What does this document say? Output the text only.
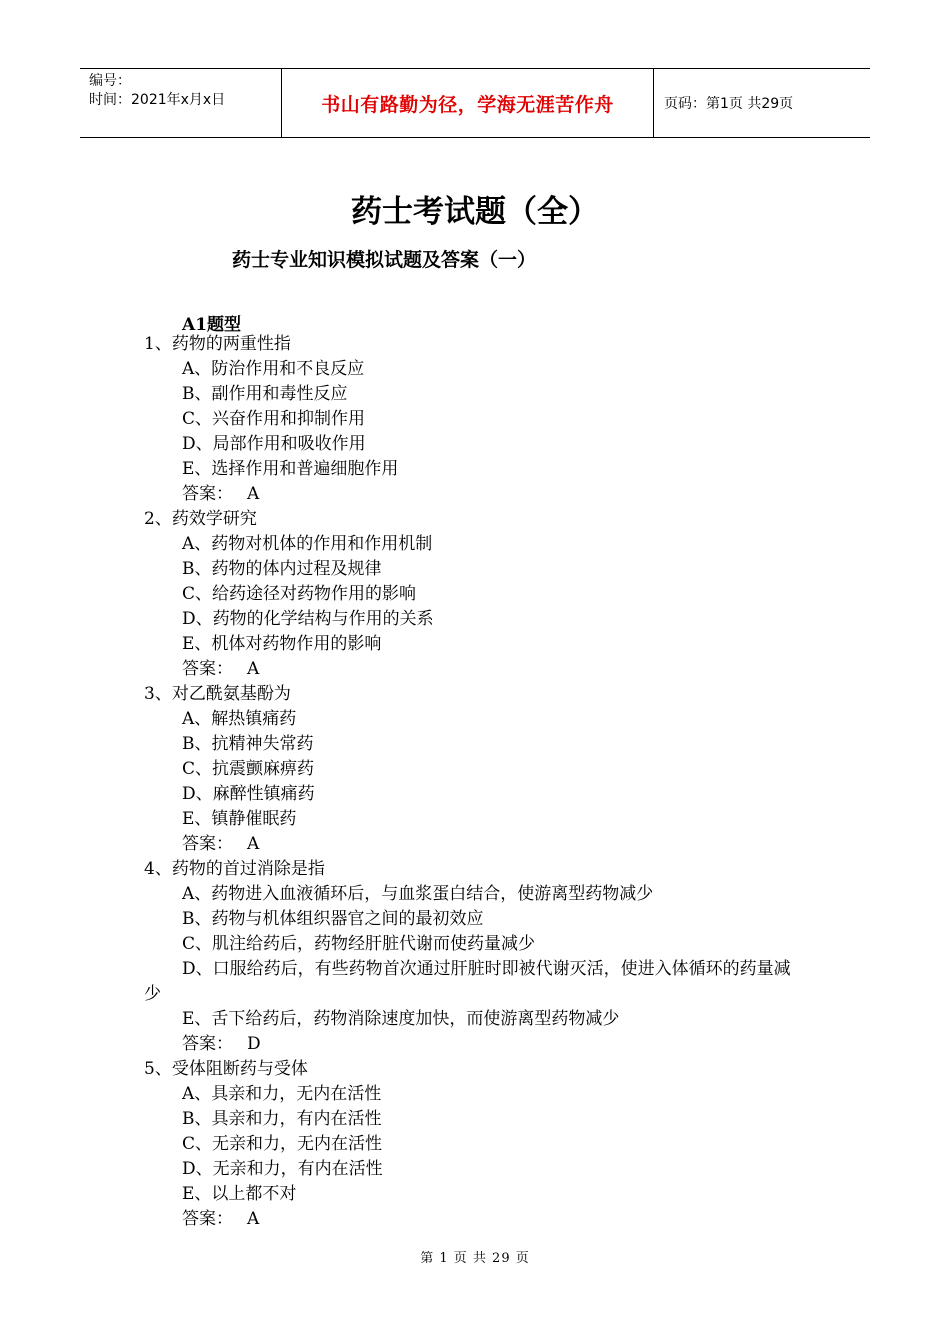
编号：
时间：2021年x月x日	书山有路勤为径，学海无涯苦作舟	页码：第1页 共29页
药士考试题（全）
药士专业知识模拟试题及答案（一）
A1题型
1、药物的两重性指
A、防治作用和不良反应
B、副作用和毒性反应
C、兴奋作用和抑制作用
D、局部作用和吸收作用
E、选择作用和普遍细胞作用
答案： A
2、药效学研究
A、药物对机体的作用和作用机制
B、药物的体内过程及规律
C、给药途径对药物作用的影响
D、药物的化学结构与作用的关系
E、机体对药物作用的影响
答案： A
3、对乙酰氨基酚为
A、解热镇痛药
B、抗精神失常药
C、抗震颤麻痹药
D、麻醉性镇痛药
E、镇静催眠药
答案： A
4、药物的首过消除是指
A、药物进入血液循环后，与血浆蛋白结合，使游离型药物减少
B、药物与机体组织器官之间的最初效应
C、肌注给药后，药物经肝脏代谢而使药量减少
D、口服给药后，有些药物首次通过肝脏时即被代谢灭活，使进入体循环的药量减少
E、舌下给药后，药物消除速度加快，而使游离型药物减少
答案： D
5、受体阻断药与受体
A、具亲和力，无内在活性
B、具亲和力，有内在活性
C、无亲和力，无内在活性
D、无亲和力，有内在活性
E、以上都不对
答案： A
第 1 页 共 29 页
